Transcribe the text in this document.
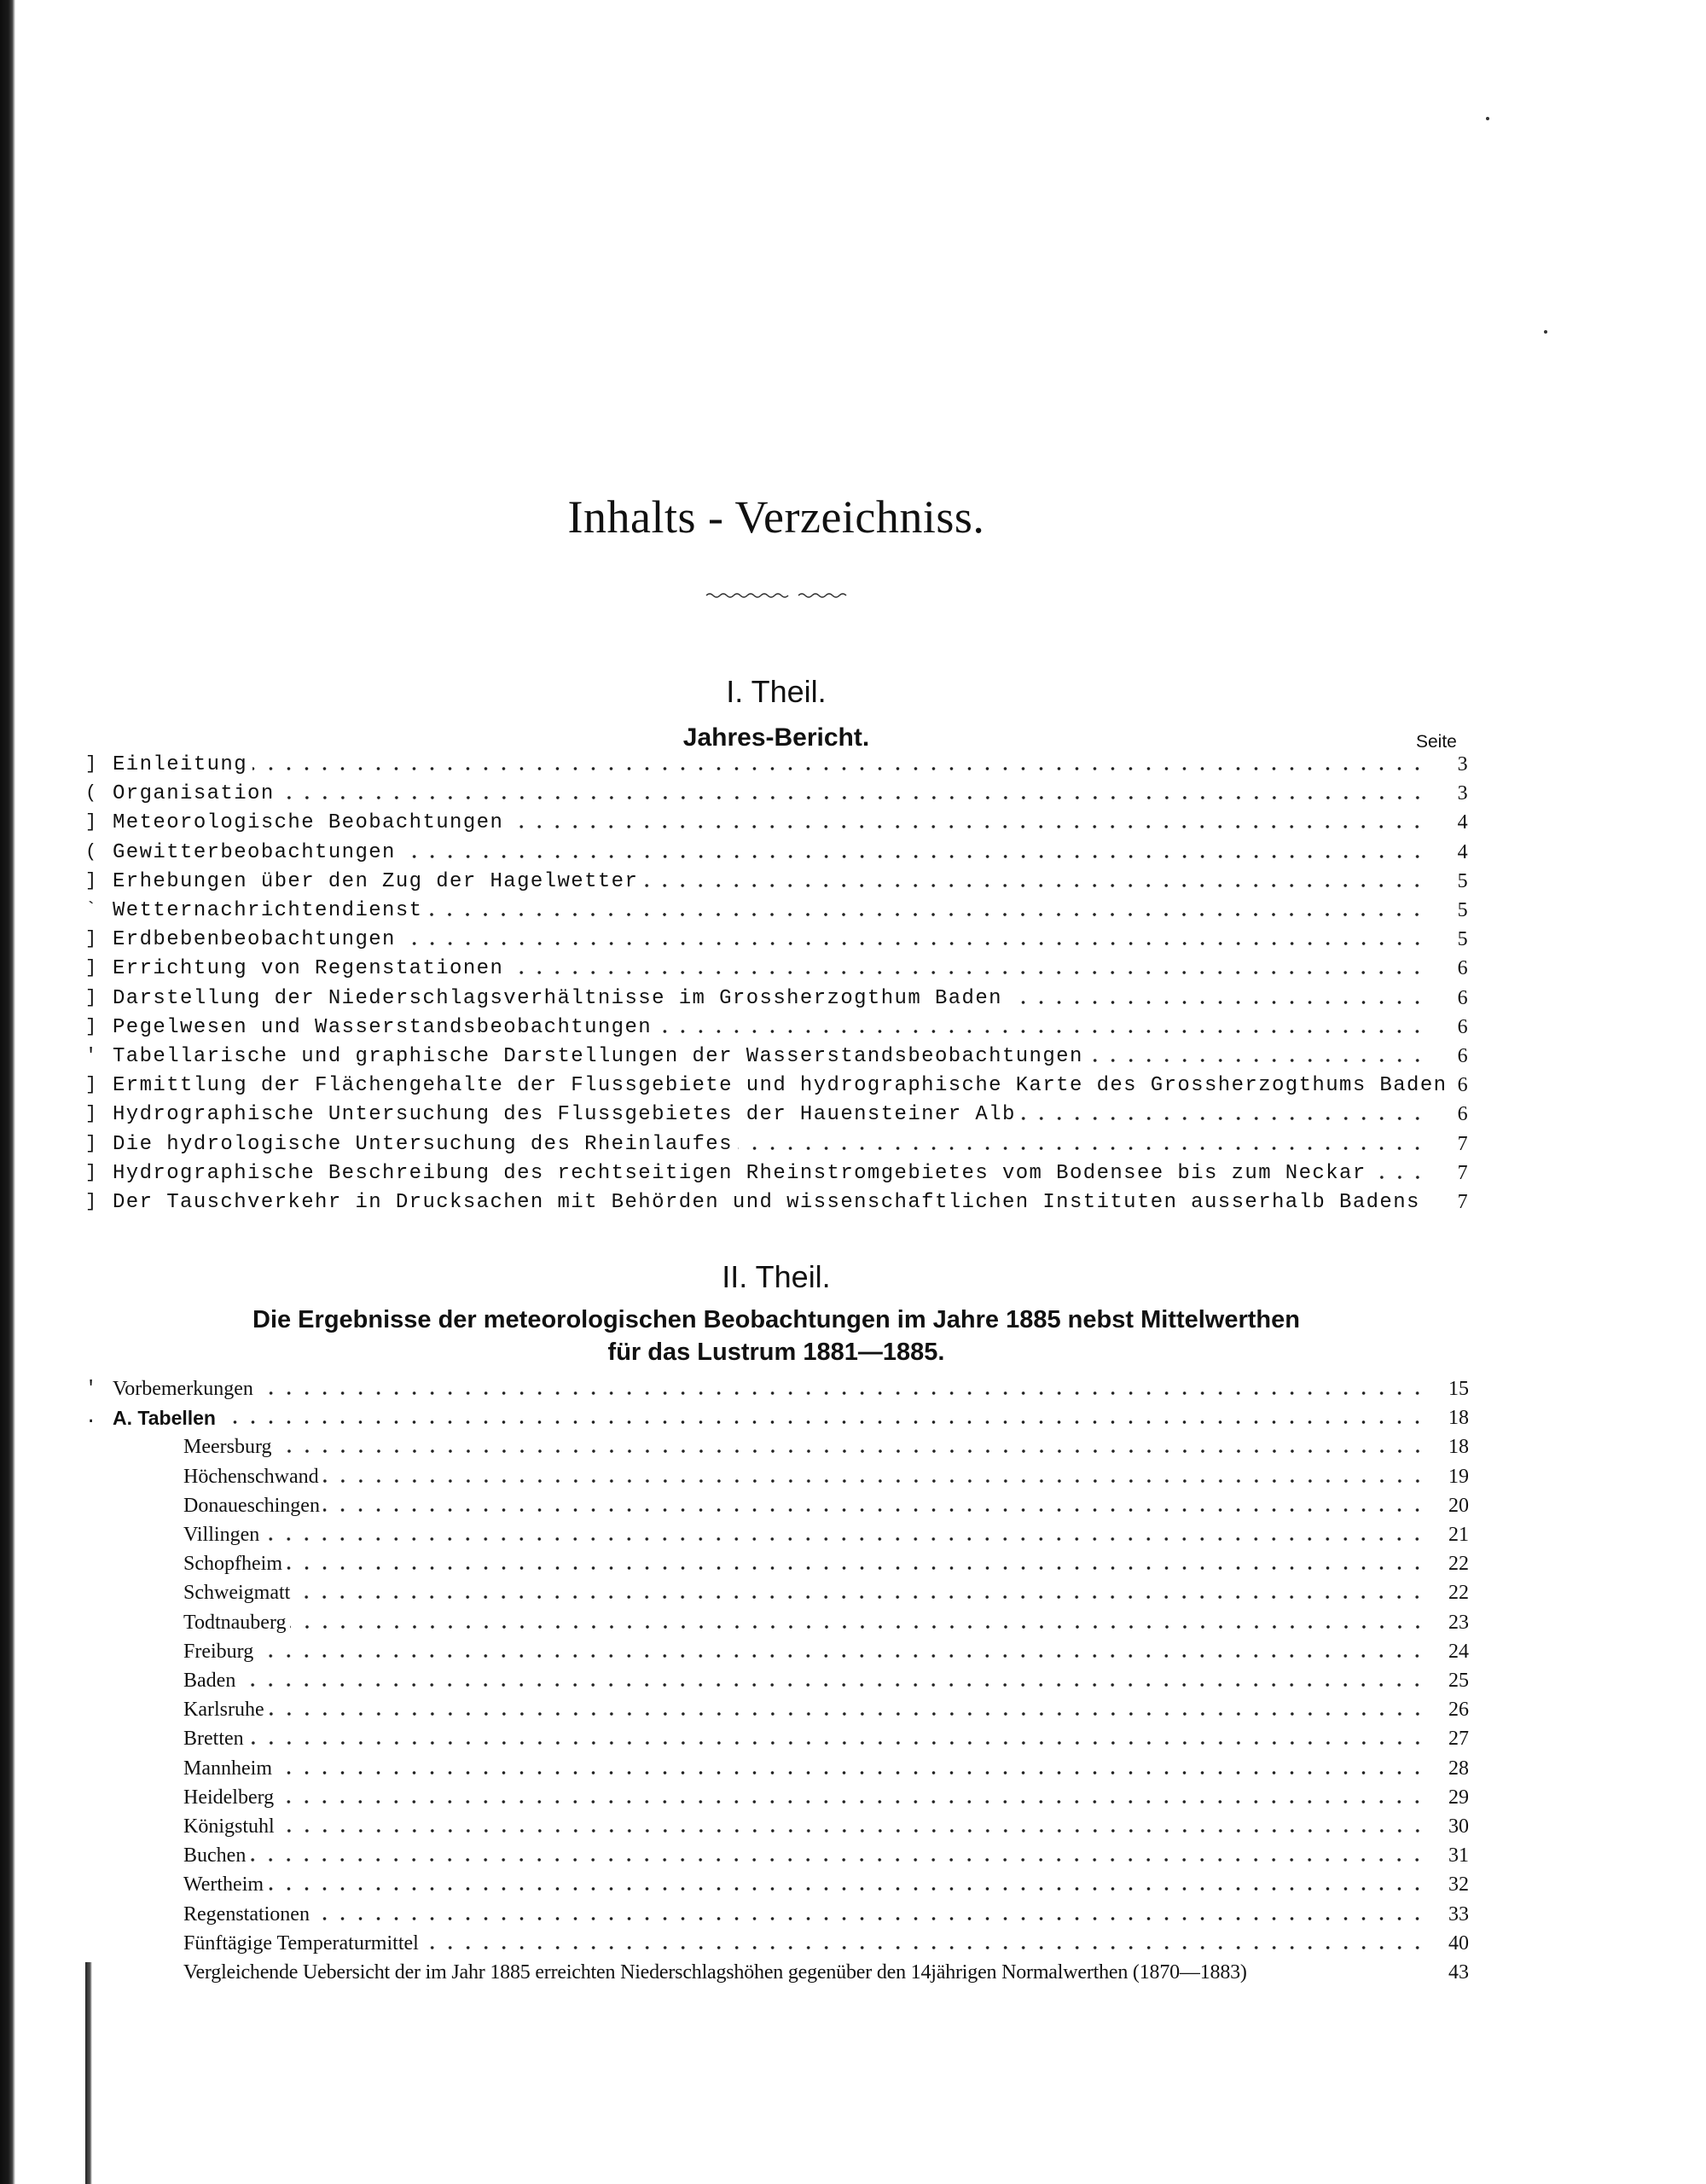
Inhalts - Verzeichniss.
I. Theil.
Jahres-Bericht.	Seite
] Einleitung	3
( Organisation	3
] Meteorologische Beobachtungen	4
( Gewitterbeobachtungen	4
] Erhebungen über den Zug der Hagelwetter	5
` Wetternachrichtendienst	5
] Erdbebenbeobachtungen	5
] Errichtung von Regenstationen	6
] Darstellung der Niederschlagsverhältnisse im Grossherzogthum Baden	6
] Pegelwesen und Wasserstandsbeobachtungen	6
' Tabellarische und graphische Darstellungen der Wasserstandsbeobachtungen	6
] Ermittlung der Flächengehalte der Flussgebiete und hydrographische Karte des Grossherzogthums Baden 6
] Hydrographische Untersuchung des Flussgebietes der Hauensteiner Alb	6
] Die hydrologische Untersuchung des Rheinlaufes	7
] Hydrographische Beschreibung des rechtseitigen Rheinstromgebietes vom Bodensee bis zum Neckar	7
] Der Tauschverkehr in Drucksachen mit Behörden und wissenschaftlichen Instituten ausserhalb Badens 7
II. Theil.
Die Ergebnisse der meteorologischen Beobachtungen im Jahre 1885 nebst Mittelwerthen
für das Lustrum 1881—1885.
' Vorbemerkungen	15
. A. Tabellen	18
Meersburg	18
Höchenschwand	19
Donaueschingen	20
Villingen	21
Schopfheim	22
Schweigmatt	22
Todtnauberg	23
Freiburg	24
Baden	25
Karlsruhe	26
Bretten	27
Mannheim	28
Heidelberg	29
Königstuhl	30
Buchen	31
Wertheim	32
Regenstationen	33
Fünftägige Temperaturmittel	40
Vergleichende Uebersicht der im Jahr 1885 erreichten Niederschlagshöhen gegenüber den 14jährigen Normalwerthen (1870—1883)	43
